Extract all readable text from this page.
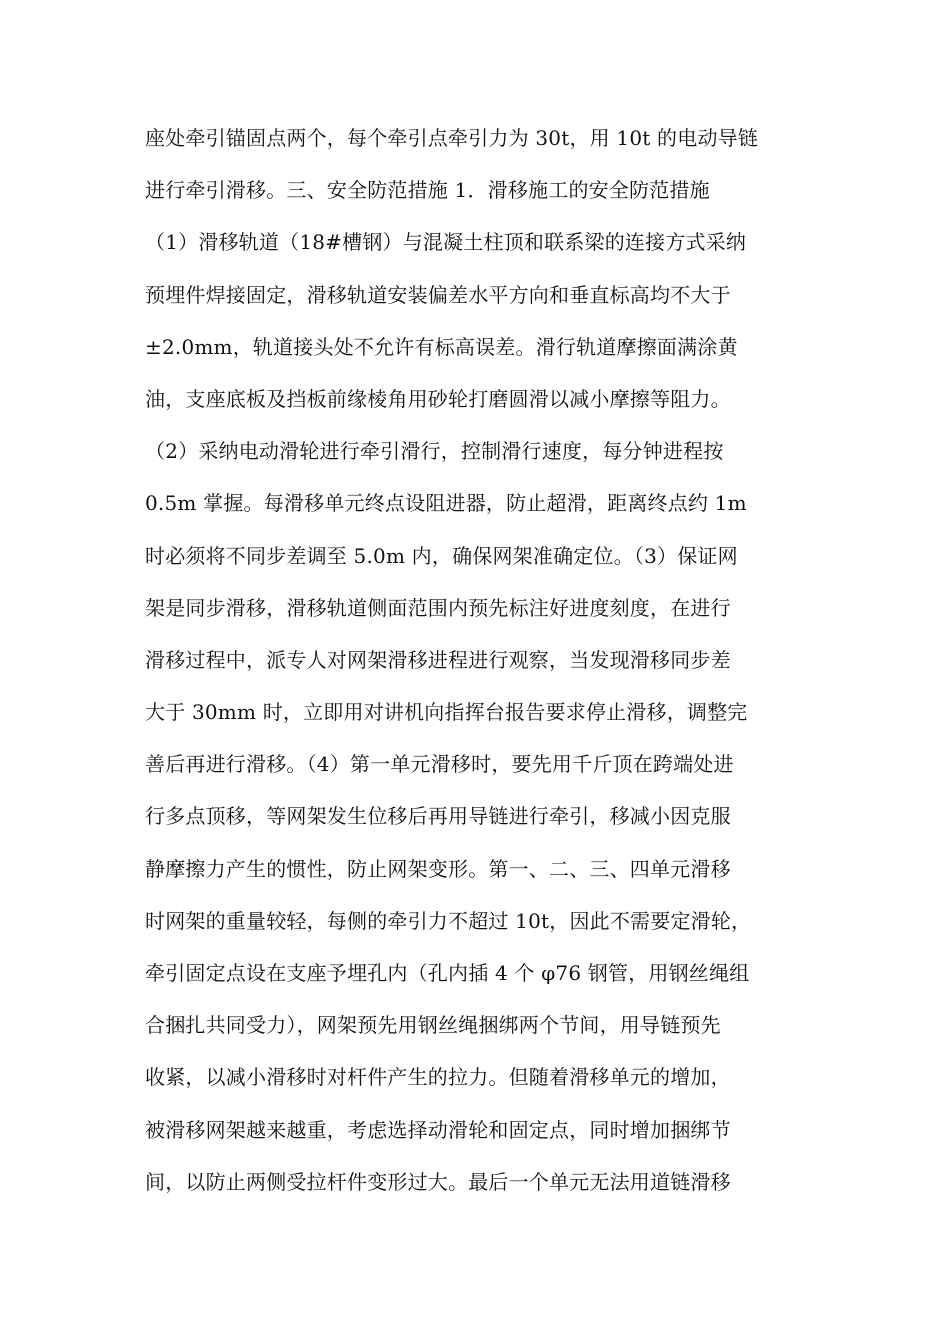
座处牵引锚固点两个，每个牵引点牵引力为 30t，用 10t 的电动导链
进行牵引滑移。三、安全防范措施 1．滑移施工的安全防范措施
（1）滑移轨道（18#槽钢）与混凝土柱顶和联系梁的连接方式采纳
预埋件焊接固定，滑移轨道安装偏差水平方向和垂直标高均不大于
±2.0mm，轨道接头处不允许有标高误差。滑行轨道摩擦面满涂黄
油，支座底板及挡板前缘棱角用砂轮打磨圆滑以减小摩擦等阻力。
（2）采纳电动滑轮进行牵引滑行，控制滑行速度，每分钟进程按
0.5m 掌握。每滑移单元终点设阻进器，防止超滑，距离终点约 1m
时必须将不同步差调至 5.0m 内，确保网架准确定位。（3）保证网
架是同步滑移，滑移轨道侧面范围内预先标注好进度刻度，在进行
滑移过程中，派专人对网架滑移进程进行观察，当发现滑移同步差
大于 30mm 时，立即用对讲机向指挥台报告要求停止滑移，调整完
善后再进行滑移。（4）第一单元滑移时，要先用千斤顶在跨端处进
行多点顶移，等网架发生位移后再用导链进行牵引，移减小因克服
静摩擦力产生的惯性，防止网架变形。第一、二、三、四单元滑移
时网架的重量较轻，每侧的牵引力不超过 10t，因此不需要定滑轮，
牵引固定点设在支座予埋孔内（孔内插 4 个 φ76 钢管，用钢丝绳组
合捆扎共同受力），网架预先用钢丝绳捆绑两个节间，用导链预先
收紧，以减小滑移时对杆件产生的拉力。但随着滑移单元的增加，
被滑移网架越来越重，考虑选择动滑轮和固定点，同时增加捆绑节
间，以防止两侧受拉杆件变形过大。最后一个单元无法用道链滑移
